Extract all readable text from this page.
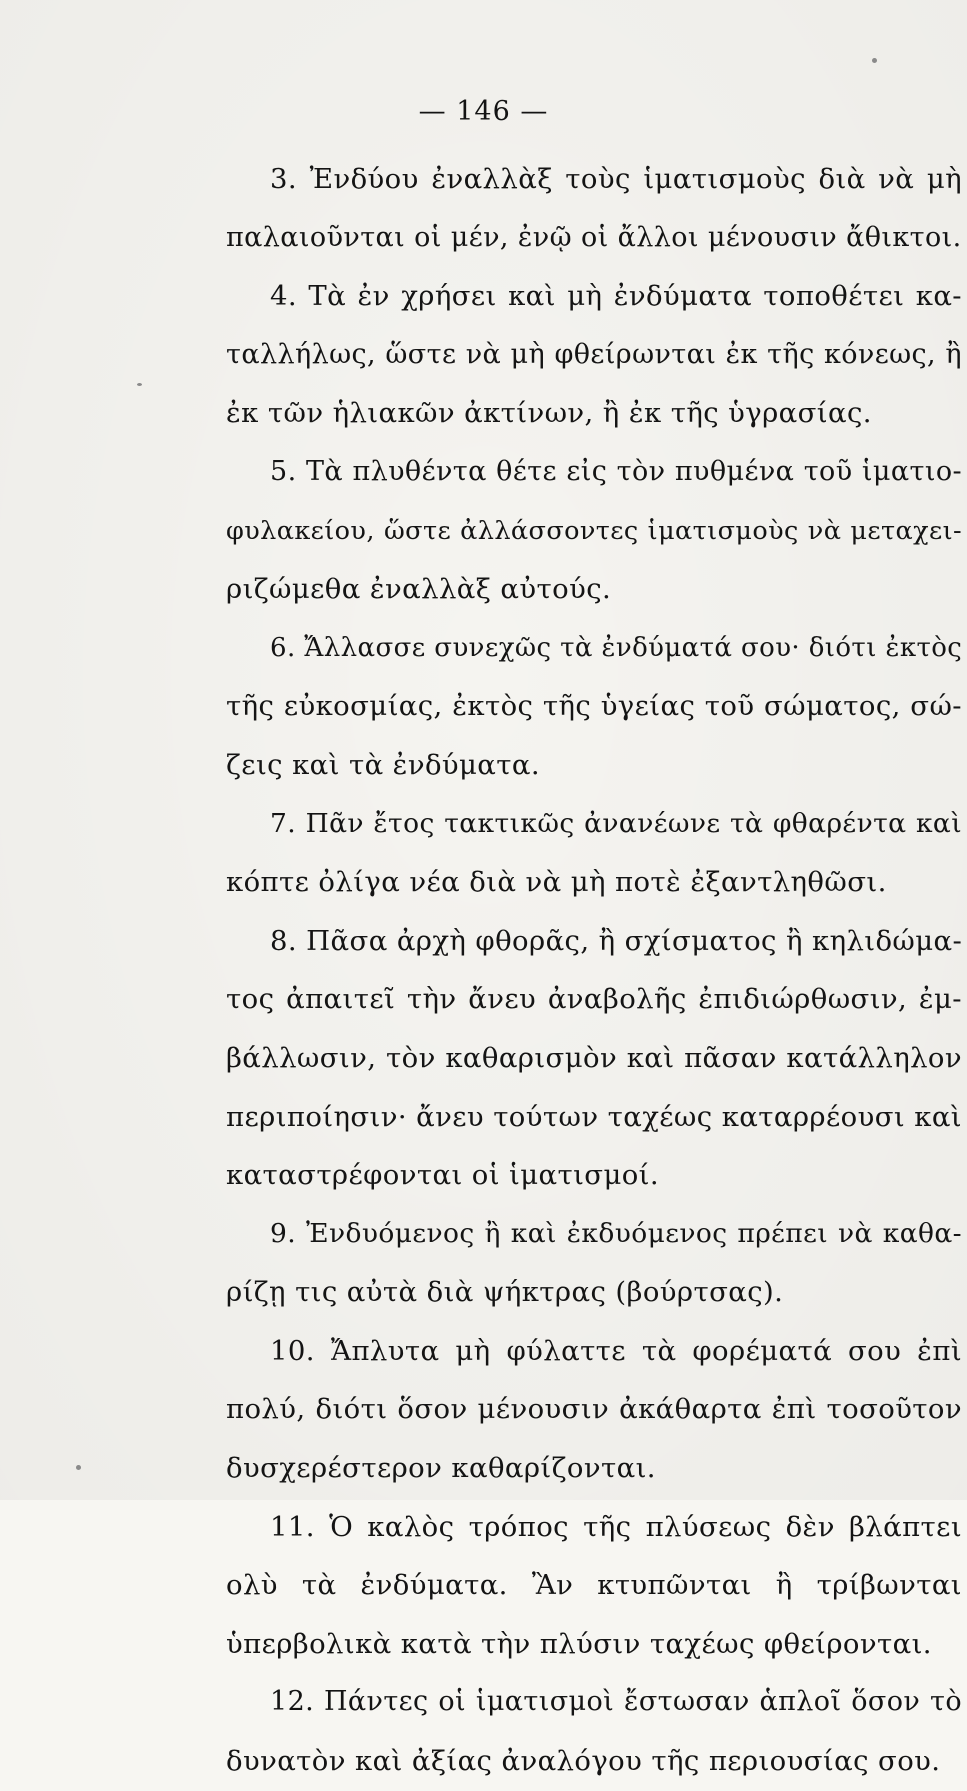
— 146 —
3. Ἐνδύου ἐναλλὰξ τοὺς ἱματισμοὺς διὰ νὰ μὴ
παλαιοῦνται οἱ μέν, ἐνῷ οἱ ἄλλοι μένουσιν ἄθικτοι.
4. Τὰ ἐν χρήσει καὶ μὴ ἐνδύματα τοποθέτει κα-
ταλλήλως, ὥστε νὰ μὴ φθείρωνται ἐκ τῆς κόνεως, ἢ
ἐκ τῶν ἡλιακῶν ἀκτίνων, ἢ ἐκ τῆς ὑγρασίας.
5. Τὰ πλυθέντα θέτε εἰς τὸν πυθμένα τοῦ ἱματιο-
φυλακείου, ὥστε ἀλλάσσοντες ἱματισμοὺς νὰ μεταχει-
ριζώμεθα ἐναλλὰξ αὐτούς.
6. Ἄλλασσε συνεχῶς τὰ ἐνδύματά σου· διότι ἐκτὸς
τῆς εὐκοσμίας, ἐκτὸς τῆς ὑγείας τοῦ σώματος, σώ-
ζεις καὶ τὰ ἐνδύματα.
7. Πᾶν ἔτος τακτικῶς ἀνανέωνε τὰ φθαρέντα καὶ
κόπτε ὀλίγα νέα διὰ νὰ μὴ ποτὲ ἐξαντληθῶσι.
8. Πᾶσα ἀρχὴ φθορᾶς, ἢ σχίσματος ἢ κηλιδώμα-
τος ἀπαιτεῖ τὴν ἄνευ ἀναβολῆς ἐπιδιώρθωσιν, ἐμ-
βάλλωσιν, τὸν καθαρισμὸν καὶ πᾶσαν κατάλληλον
περιποίησιν· ἄνευ τούτων ταχέως καταρρέουσι καὶ
καταστρέφονται οἱ ἱματισμοί.
9. Ἐνδυόμενος ἢ καὶ ἐκδυόμενος πρέπει νὰ καθα-
ρίζῃ τις αὐτὰ διὰ ψήκτρας (βούρτσας).
10. Ἄπλυτα μὴ φύλαττε τὰ φορέματά σου ἐπὶ
πολύ, διότι ὅσον μένουσιν ἀκάθαρτα ἐπὶ τοσοῦτον
δυσχερέστερον καθαρίζονται.
11. Ὁ καλὸς τρόπος τῆς πλύσεως δὲν βλάπτει
ολὺ τὰ ἐνδύματα. Ἂν κτυπῶνται ἢ τρίβωνται
ὑπερβολικὰ κατὰ τὴν πλύσιν ταχέως φθείρονται.
12. Πάντες οἱ ἱματισμοὶ ἔστωσαν ἁπλοῖ ὅσον τὸ
δυνατὸν καὶ ἀξίας ἀναλόγου τῆς περιουσίας σου.
